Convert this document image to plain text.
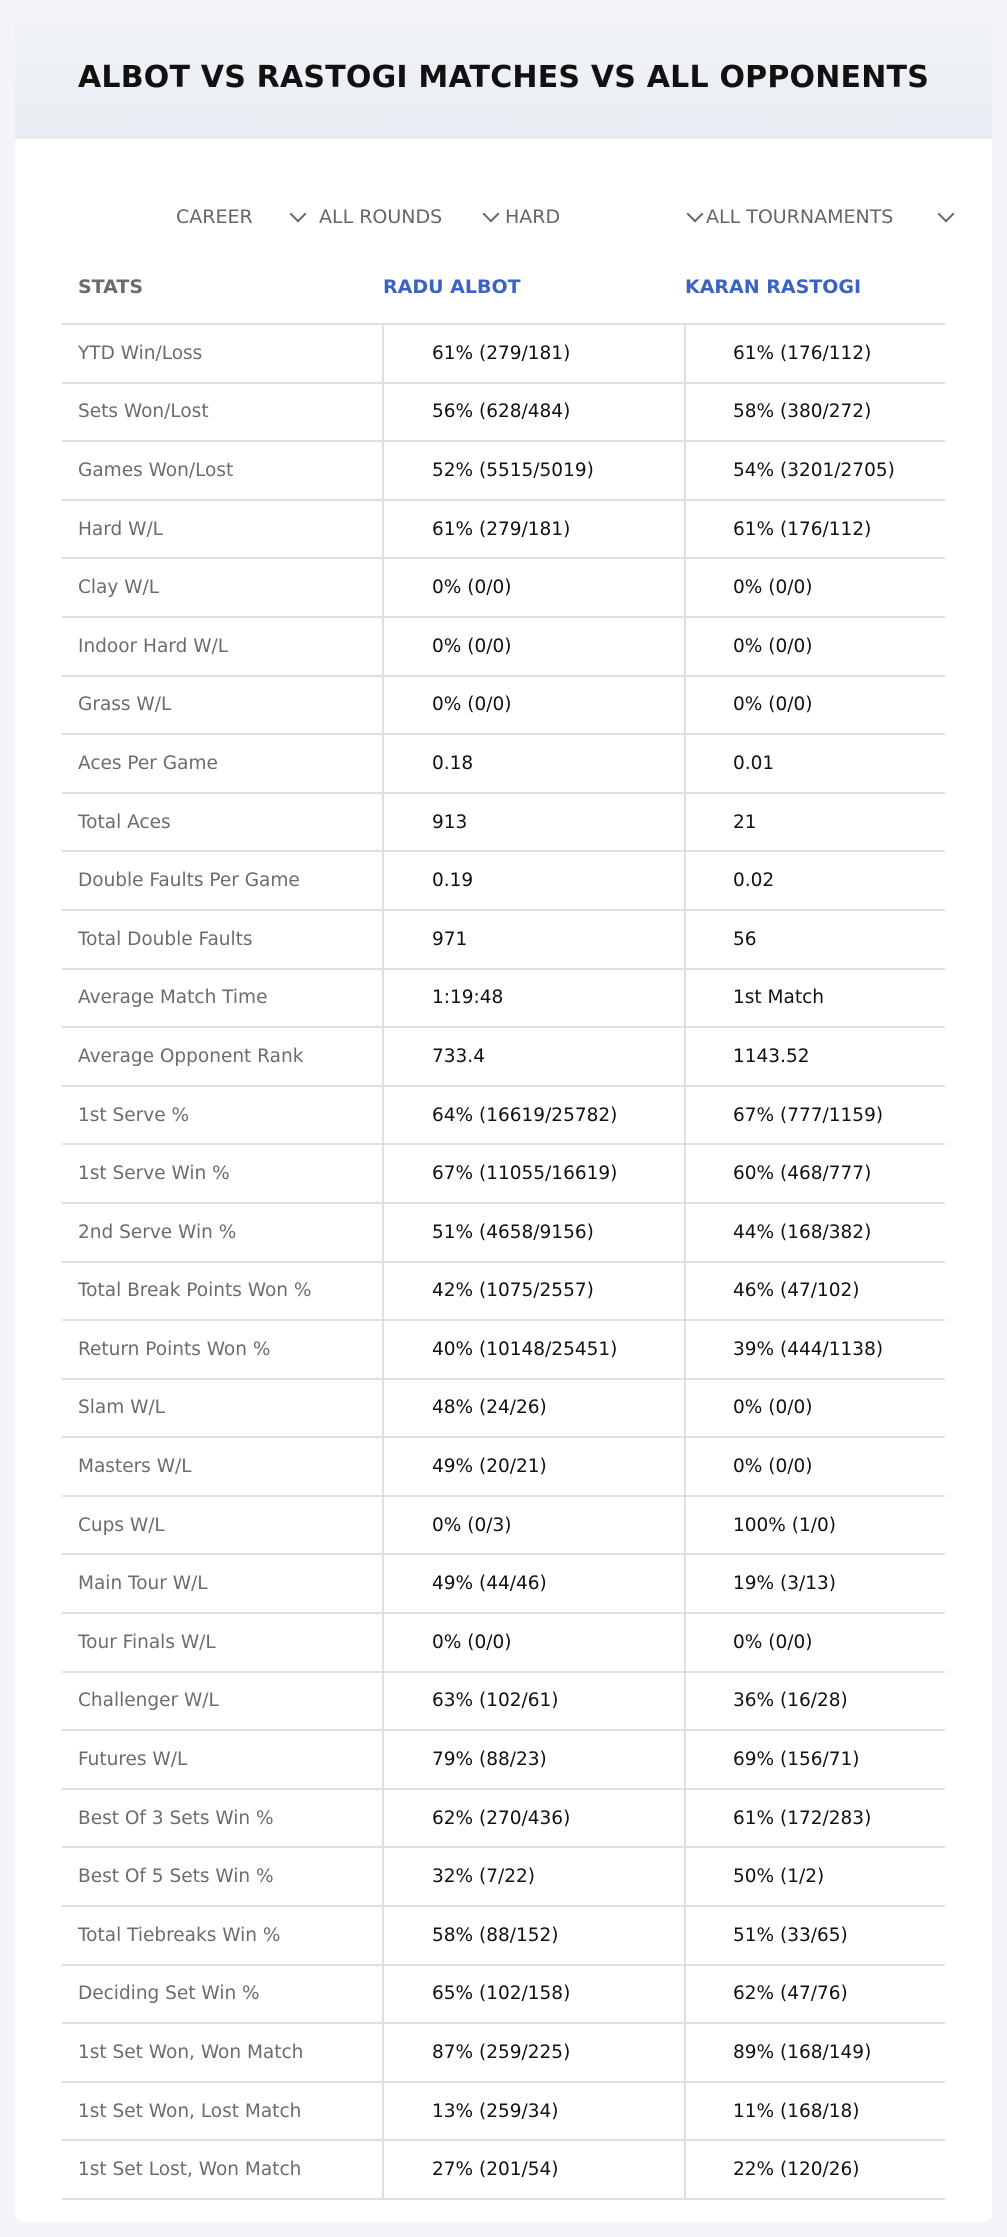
ALBOT VS RASTOGI MATCHES VS ALL OPPONENTS
CAREER	ALL ROUNDS	HARD	ALL TOURNAMENTS
STATS	RADU ALBOT	KARAN RASTOGI
YTD Win/Loss	61% (279/181)	61% (176/112)
Sets Won/Lost	56% (628/484)	58% (380/272)
Games Won/Lost	52% (5515/5019)	54% (3201/2705)
Hard W/L	61% (279/181)	61% (176/112)
Clay W/L	0% (0/0)	0% (0/0)
Indoor Hard W/L	0% (0/0)	0% (0/0)
Grass W/L	0% (0/0)	0% (0/0)
Aces Per Game	0.18	0.01
Total Aces	913	21
Double Faults Per Game	0.19	0.02
Total Double Faults	971	56
Average Match Time	1:19:48	1st Match
Average Opponent Rank	733.4	1143.52
1st Serve %	64% (16619/25782)	67% (777/1159)
1st Serve Win %	67% (11055/16619)	60% (468/777)
2nd Serve Win %	51% (4658/9156)	44% (168/382)
Total Break Points Won %	42% (1075/2557)	46% (47/102)
Return Points Won %	40% (10148/25451)	39% (444/1138)
Slam W/L	48% (24/26)	0% (0/0)
Masters W/L	49% (20/21)	0% (0/0)
Cups W/L	0% (0/3)	100% (1/0)
Main Tour W/L	49% (44/46)	19% (3/13)
Tour Finals W/L	0% (0/0)	0% (0/0)
Challenger W/L	63% (102/61)	36% (16/28)
Futures W/L	79% (88/23)	69% (156/71)
Best Of 3 Sets Win %	62% (270/436)	61% (172/283)
Best Of 5 Sets Win %	32% (7/22)	50% (1/2)
Total Tiebreaks Win %	58% (88/152)	51% (33/65)
Deciding Set Win %	65% (102/158)	62% (47/76)
1st Set Won, Won Match	87% (259/225)	89% (168/149)
1st Set Won, Lost Match	13% (259/34)	11% (168/18)
1st Set Lost, Won Match	27% (201/54)	22% (120/26)
